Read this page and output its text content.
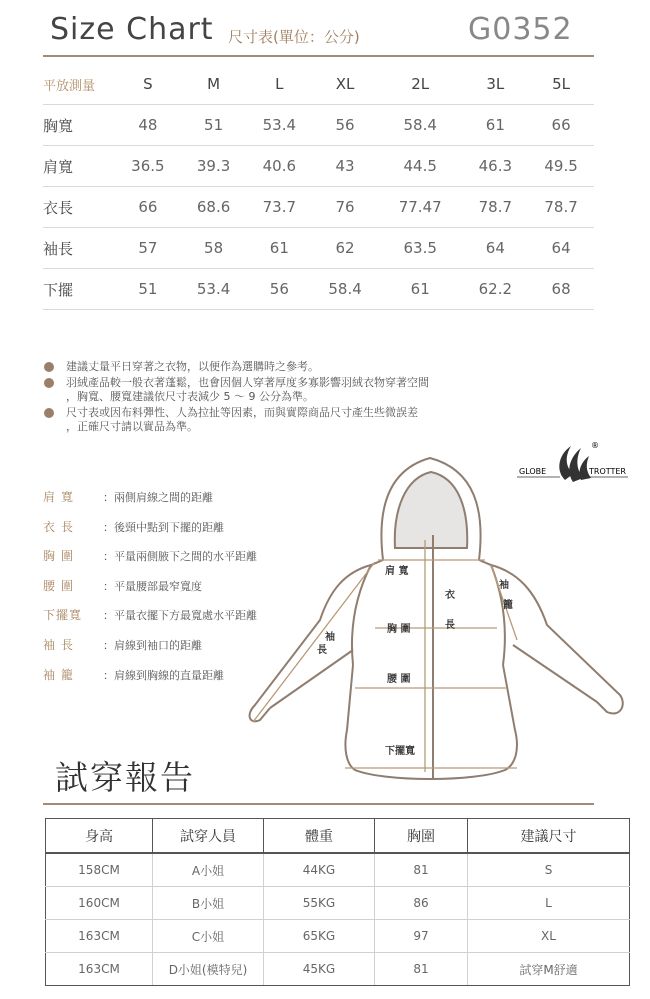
Size Chart 尺寸表(單位：公分)	G0352
平放測量	S	M	L	XL	2L	3L	5L
胸寬	48	51	53.4	56	58.4	61	66
肩寬	36.5	39.3	40.6	43	44.5	46.3	49.5
衣長	66	68.6	73.7	76	77.47	78.7	78.7
袖長	57	58	61	62	63.5	64	64
下擺	51	53.4	56	58.4	61	62.2	68
建議丈量平日穿著之衣物，以便作為選購時之參考。
羽絨產品較一般衣著蓬鬆，也會因個人穿著厚度多寡影響羽絨衣物穿著空間
，胸寬、腰寬建議依尺寸表減少 5 ～ 9 公分為準。
尺寸表或因布料彈性、人為拉扯等因素，而與實際商品尺寸產生些微誤差
，正確尺寸請以實品為準。
GLOBE	TROTTER
®
肩寬 ：兩側肩線之間的距離
衣長 ：後頸中點到下擺的距離
胸圍 ：平量兩側腋下之間的水平距離
腰圍 ：平量腰部最窄寬度
下擺寬 ：平量衣擺下方最寬處水平距離
袖長 ：肩線到袖口的距離
袖籠 ：肩線到胸線的直量距離
肩 寬
衣
長
胸 圍
腰 圍
下擺寬
袖
長
袖
籠
試穿報告
身高	試穿人員	體重	胸圍	建議尺寸
158CM	A小姐	44KG	81	S
160CM	B小姐	55KG	86	L
163CM	C小姐	65KG	97	XL
163CM	D小姐(模特兒)	45KG	81	試穿M舒適
